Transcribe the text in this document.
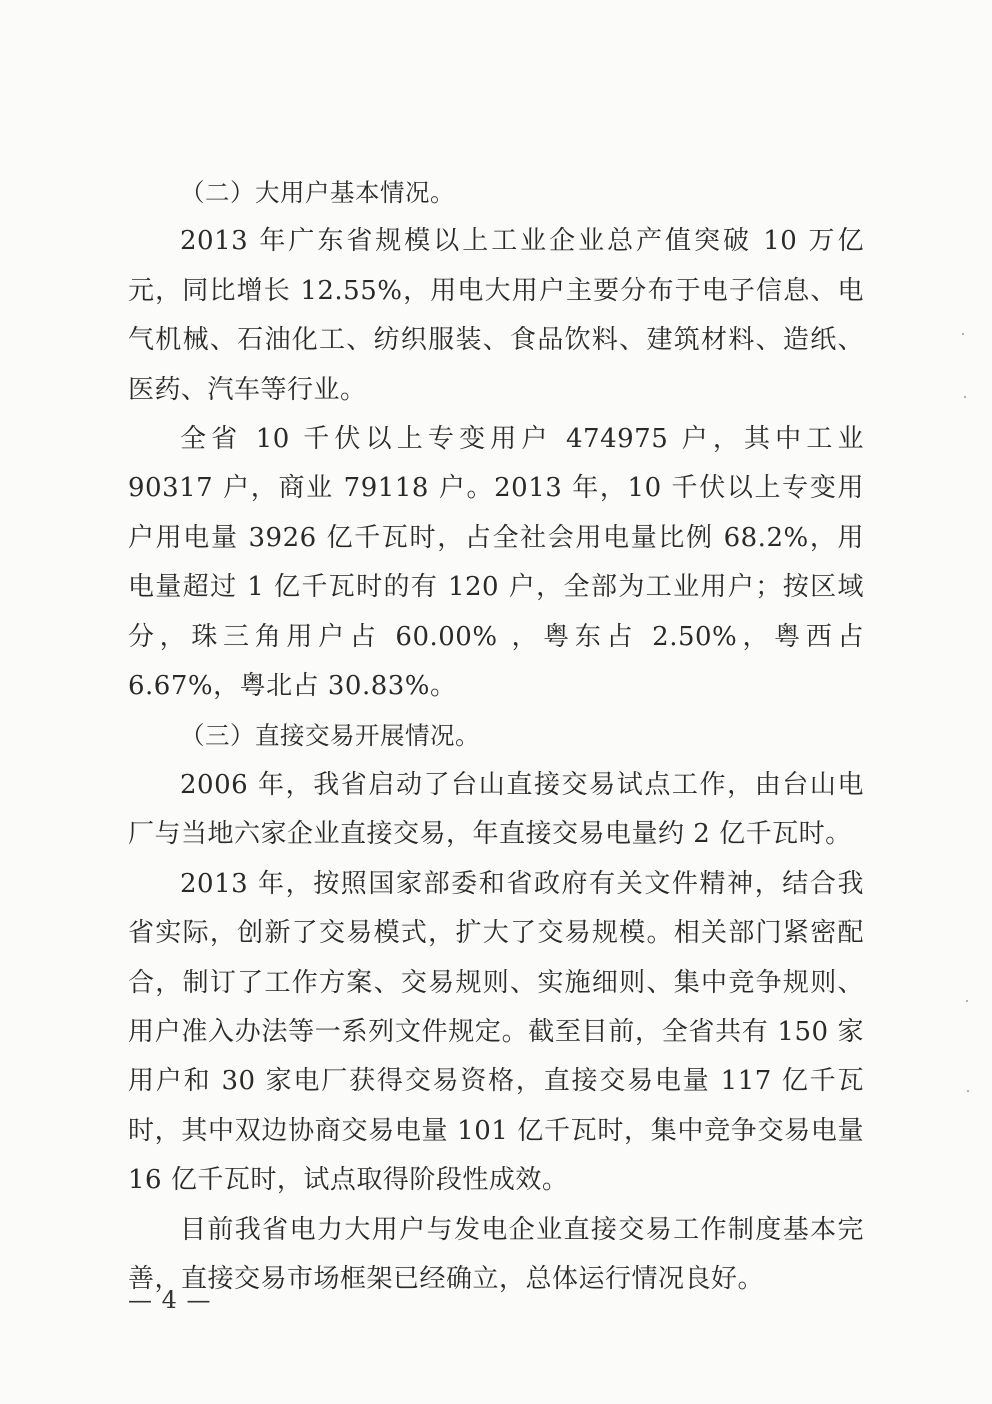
（二）大用户基本情况。

2013 年广东省规模以上工业企业总产值突破 10 万亿元，同比增长 12.55%，用电大用户主要分布于电子信息、电气机械、石油化工、纺织服装、食品饮料、建筑材料、造纸、医药、汽车等行业。

全省 10 千伏以上专变用户 474975 户，其中工业 90317 户，商业 79118 户。2013 年，10 千伏以上专变用户用电量 3926 亿千瓦时，占全社会用电量比例 68.2%，用电量超过 1 亿千瓦时的有 120 户，全部为工业用户；按区域分，珠三角用户占 60.00% ，粤东占 2.50%，粤西占 6.67%，粤北占 30.83%。

（三）直接交易开展情况。

2006 年，我省启动了台山直接交易试点工作，由台山电厂与当地六家企业直接交易，年直接交易电量约 2 亿千瓦时。

2013 年，按照国家部委和省政府有关文件精神，结合我省实际，创新了交易模式，扩大了交易规模。相关部门紧密配合，制订了工作方案、交易规则、实施细则、集中竞争规则、用户准入办法等一系列文件规定。截至目前，全省共有 150 家用户和 30 家电厂获得交易资格，直接交易电量 117 亿千瓦时，其中双边协商交易电量 101 亿千瓦时，集中竞争交易电量 16 亿千瓦时，试点取得阶段性成效。

目前我省电力大用户与发电企业直接交易工作制度基本完善，直接交易市场框架已经确立，总体运行情况良好。

— 4 —
